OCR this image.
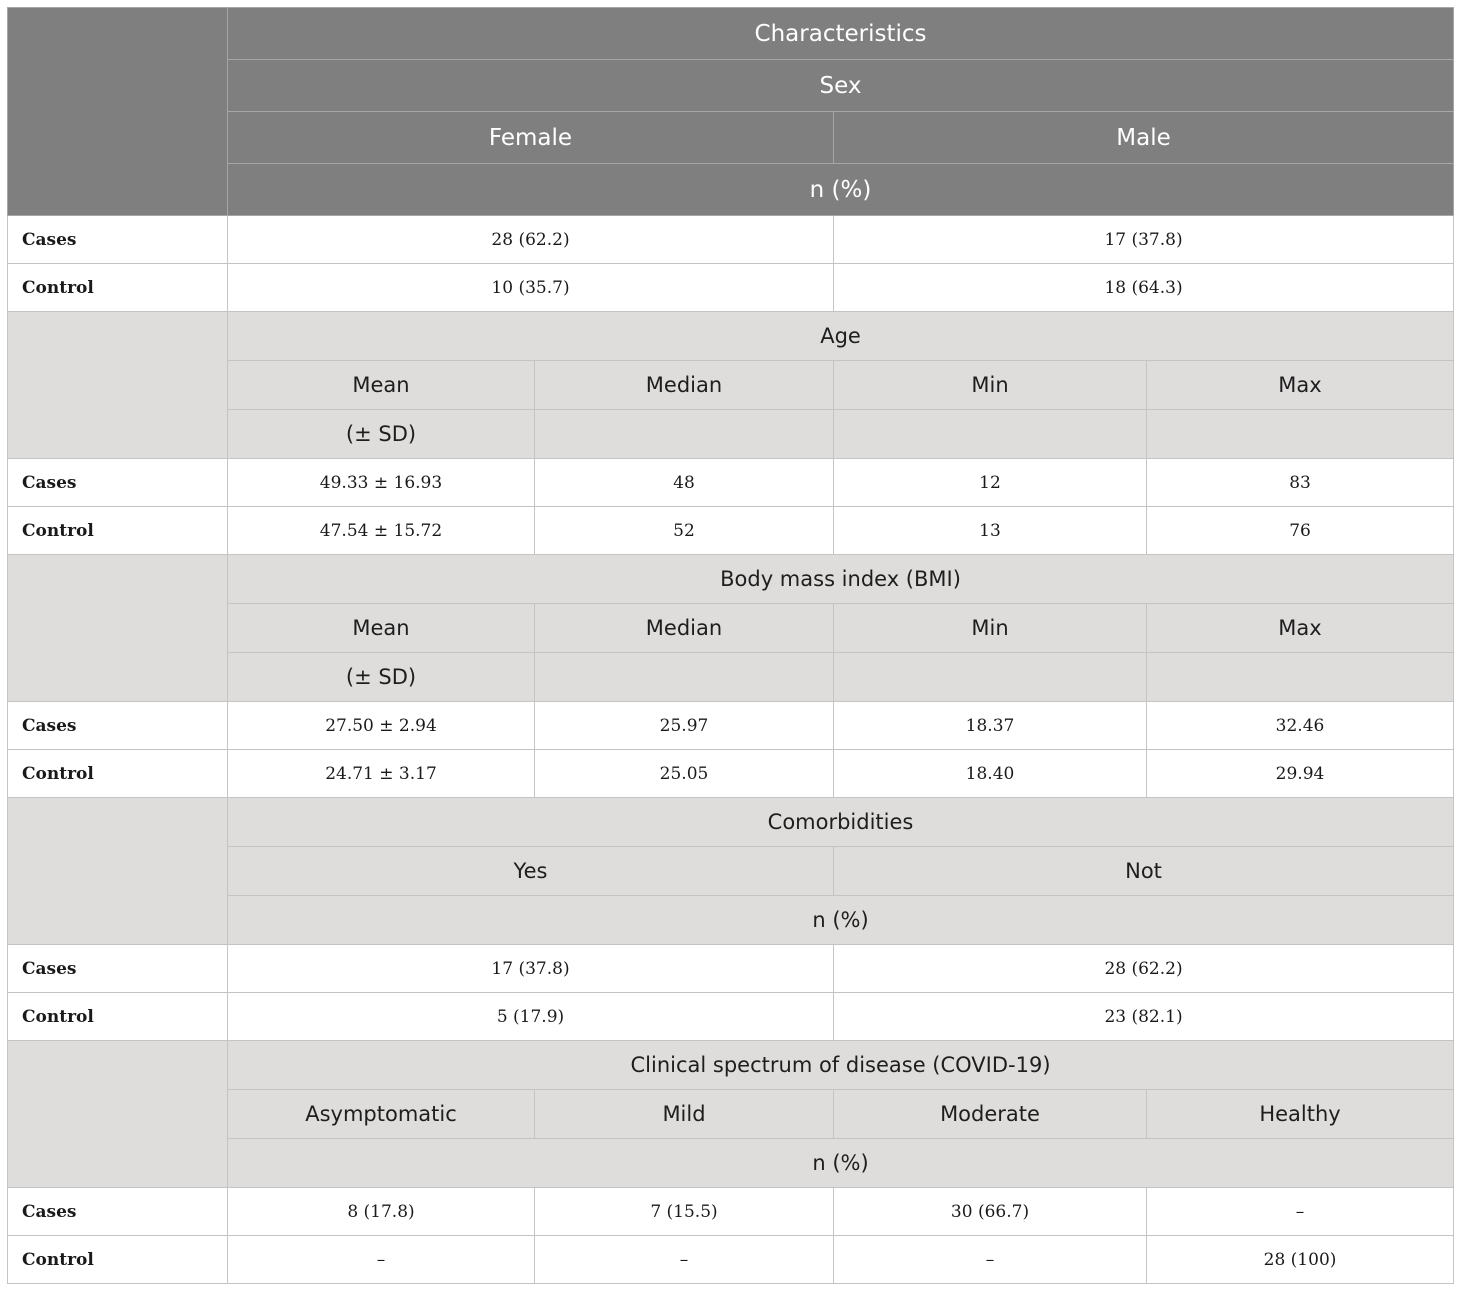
	Characteristics			
	Sex			
	Female		Male	
	n (%)			
Cases	28 (62.2)		17 (37.8)	
Control	10 (35.7)		18 (64.3)	
	Age			
	Mean	Median	Min	Max
	(± SD)			
Cases	49.33 ± 16.93	48	12	83
Control	47.54 ± 15.72	52	13	76
	Body mass index (BMI)			
	Mean	Median	Min	Max
	(± SD)			
Cases	27.50 ± 2.94	25.97	18.37	32.46
Control	24.71 ± 3.17	25.05	18.40	29.94
	Comorbidities			
	Yes		Not	
	n (%)			
Cases	17 (37.8)		28 (62.2)	
Control	5 (17.9)		23 (82.1)	
	Clinical spectrum of disease (COVID-19)			
	Asymptomatic	Mild	Moderate	Healthy
	n (%)			
Cases	8 (17.8)	7 (15.5)	30 (66.7)	–
Control	–	–	–	28 (100)
